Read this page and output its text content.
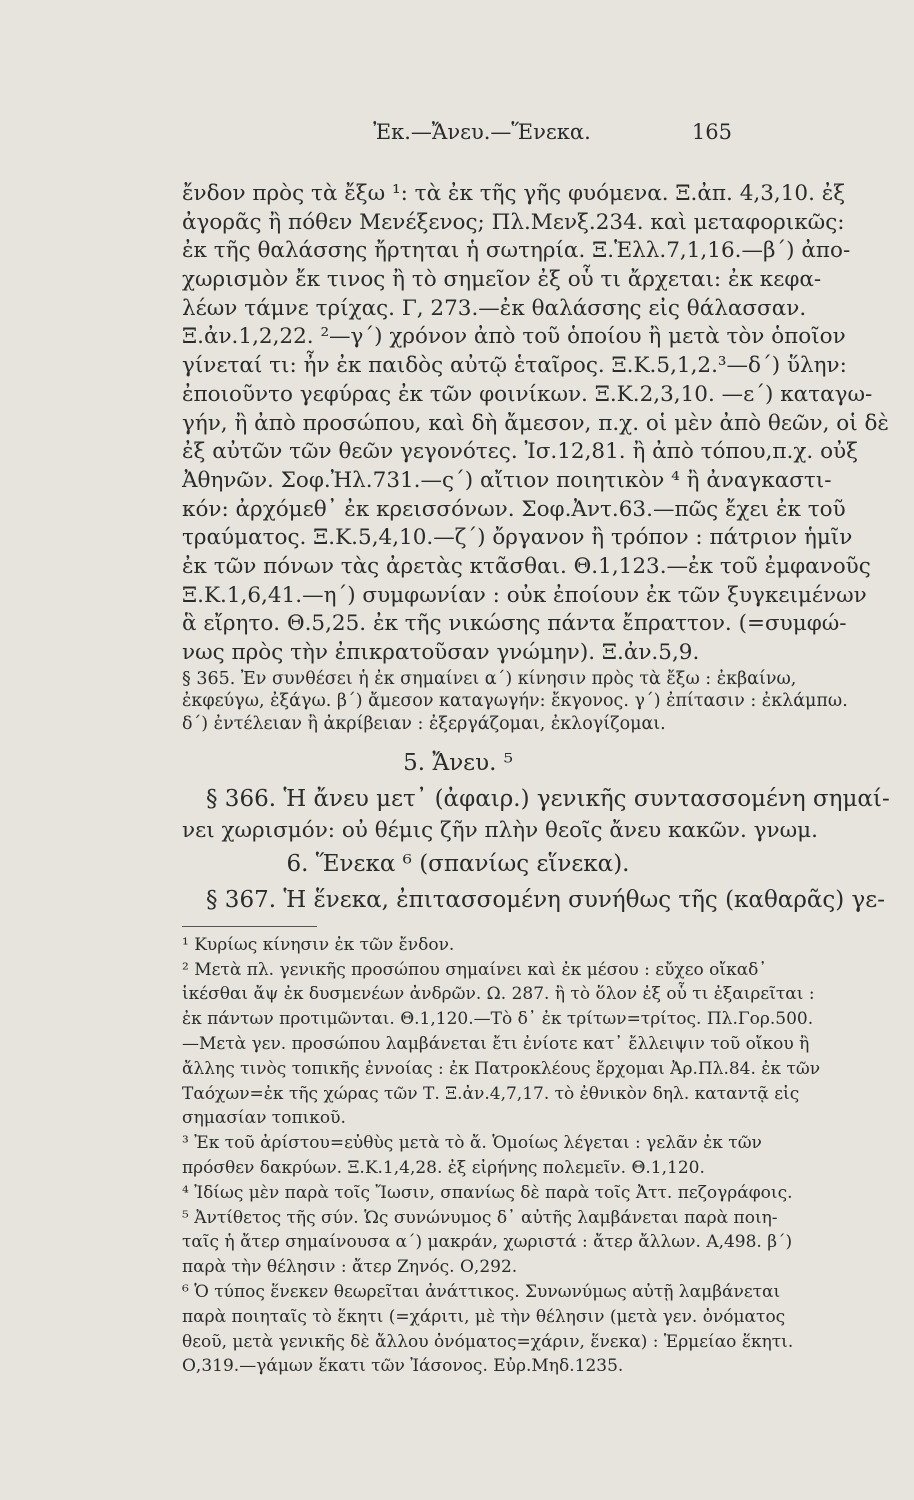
Ἐκ.—Ἄνευ.—Ἕνεκα.	165
ἔνδον πρὸς τὰ ἔξω ¹: τὰ ἐκ τῆς γῆς φυόμενα. Ξ.ἀπ. 4,3,10. ἐξ
ἀγορᾶς ἢ πόθεν Μενέξενος; Πλ.Μενξ.234. καὶ μεταφορικῶς:
ἐκ τῆς θαλάσσης ἤρτηται ἡ σωτηρία. Ξ.Ἑλλ.7,1,16.—β΄) ἀπο-
χωρισμὸν ἔκ τινος ἢ τὸ σημεῖον ἐξ οὗ τι ἄρχεται: ἐκ κεφα-
λέων τάμνε τρίχας. Γ, 273.—ἐκ θαλάσσης εἰς θάλασσαν.
Ξ.ἀν.1,2,22. ²—γ΄) χρόνον ἀπὸ τοῦ ὁποίου ἢ μετὰ τὸν ὁποῖον
γίνεταί τι: ἦν ἐκ παιδὸς αὐτῷ ἑταῖρος. Ξ.Κ.5,1,2.³—δ΄) ὕλην:
ἐποιοῦντο γεφύρας ἐκ τῶν φοινίκων. Ξ.Κ.2,3,10. —ε΄) καταγω-
γήν, ἢ ἀπὸ προσώπου, καὶ δὴ ἄμεσον, π.χ. οἱ μὲν ἀπὸ θεῶν, οἱ δὲ
ἐξ αὐτῶν τῶν θεῶν γεγονότες. Ἰσ.12,81. ἢ ἀπὸ τόπου,π.χ. οὐξ
Ἀθηνῶν. Σοφ.Ἠλ.731.—ς΄) αἴτιον ποιητικὸν ⁴ ἢ ἀναγκαστι-
κόν: ἀρχόμεθ᾽ ἐκ κρεισσόνων. Σοφ.Ἀντ.63.—πῶς ἔχει ἐκ τοῦ
τραύματος. Ξ.Κ.5,4,10.—ζ΄) ὄργανον ἢ τρόπον : πάτριον ἡμῖν
ἐκ τῶν πόνων τὰς ἀρετὰς κτᾶσθαι. Θ.1,123.—ἐκ τοῦ ἐμφανοῦς
Ξ.Κ.1,6,41.—η΄) συμφωνίαν : οὐκ ἐποίουν ἐκ τῶν ξυγκειμένων
ἃ εἴρητο. Θ.5,25. ἐκ τῆς νικώσης πάντα ἔπραττον. (=συμφώ-
νως πρὸς τὴν ἐπικρατοῦσαν γνώμην). Ξ.ἀν.5,9.
§ 365. Ἐν συνθέσει ἡ ἐκ σημαίνει α΄) κίνησιν πρὸς τὰ ἔξω : ἐκβαίνω,
ἐκφεύγω, ἐξάγω. β΄) ἄμεσον καταγωγήν: ἔκγονος. γ΄) ἐπίτασιν : ἐκλάμπω.
δ΄) ἐντέλειαν ἢ ἀκρίβειαν : ἐξεργάζομαι, ἐκλογίζομαι.
5. Ἄνευ. ⁵
§ 366. Ἡ ἄνευ μετ᾽ (ἀφαιρ.) γενικῆς συντασσομένη σημαί-
νει χωρισμόν: οὐ θέμις ζῆν πλὴν θεοῖς ἄνευ κακῶν. γνωμ.
6. Ἕνεκα ⁶ (σπανίως εἵνεκα).
§ 367. Ἡ ἕνεκα, ἐπιτασσομένη συνήθως τῆς (καθαρᾶς) γε-
¹ Κυρίως κίνησιν ἐκ τῶν ἔνδον.
² Μετὰ πλ. γενικῆς προσώπου σημαίνει καὶ ἐκ μέσου : εὔχεο οἴκαδ᾽
ἱκέσθαι ἄψ ἐκ δυσμενέων ἀνδρῶν. Ω. 287. ἢ τὸ ὅλον ἐξ οὗ τι ἐξαιρεῖται :
ἐκ πάντων προτιμῶνται. Θ.1,120.—Τὸ δ᾽ ἐκ τρίτων=τρίτος. Πλ.Γορ.500.
—Μετὰ γεν. προσώπου λαμβάνεται ἔτι ἐνίοτε κατ᾽ ἔλλειψιν τοῦ οἴκου ἢ
ἄλλης τινὸς τοπικῆς ἐννοίας : ἐκ Πατροκλέους ἔρχομαι Ἀρ.Πλ.84. ἐκ τῶν
Ταόχων=ἐκ τῆς χώρας τῶν Τ. Ξ.ἀν.4,7,17. τὸ ἐθνικὸν δηλ. καταντᾷ εἰς
σημασίαν τοπικοῦ.
³ Ἐκ τοῦ ἀρίστου=εὐθὺς μετὰ τὸ ἄ. Ὁμοίως λέγεται : γελᾶν ἐκ τῶν
πρόσθεν δακρύων. Ξ.Κ.1,4,28. ἐξ εἰρήνης πολεμεῖν. Θ.1,120.
⁴ Ἰδίως μὲν παρὰ τοῖς Ἴωσιν, σπανίως δὲ παρὰ τοῖς Ἀττ. πεζογράφοις.
⁵ Ἀντίθετος τῆς σύν. Ὡς συνώνυμος δ᾽ αὐτῆς λαμβάνεται παρὰ ποιη-
ταῖς ἡ ἄτερ σημαίνουσα α΄) μακράν, χωριστά : ἄτερ ἄλλων. Α,498. β΄)
παρὰ τὴν θέλησιν : ἄτερ Ζηνός. Ο,292.
⁶ Ὁ τύπος ἕνεκεν θεωρεῖται ἀνάττικος. Συνωνύμως αὐτῇ λαμβάνεται
παρὰ ποιηταῖς τὸ ἕκητι (=χάριτι, μὲ τὴν θέλησιν (μετὰ γεν. ὀνόματος
θεοῦ, μετὰ γενικῆς δὲ ἄλλου ὀνόματος=χάριν, ἕνεκα) : Ἑρμείαο ἕκητι.
Ο,319.—γάμων ἕκατι τῶν Ἰάσονος. Εὐρ.Μηδ.1235.
